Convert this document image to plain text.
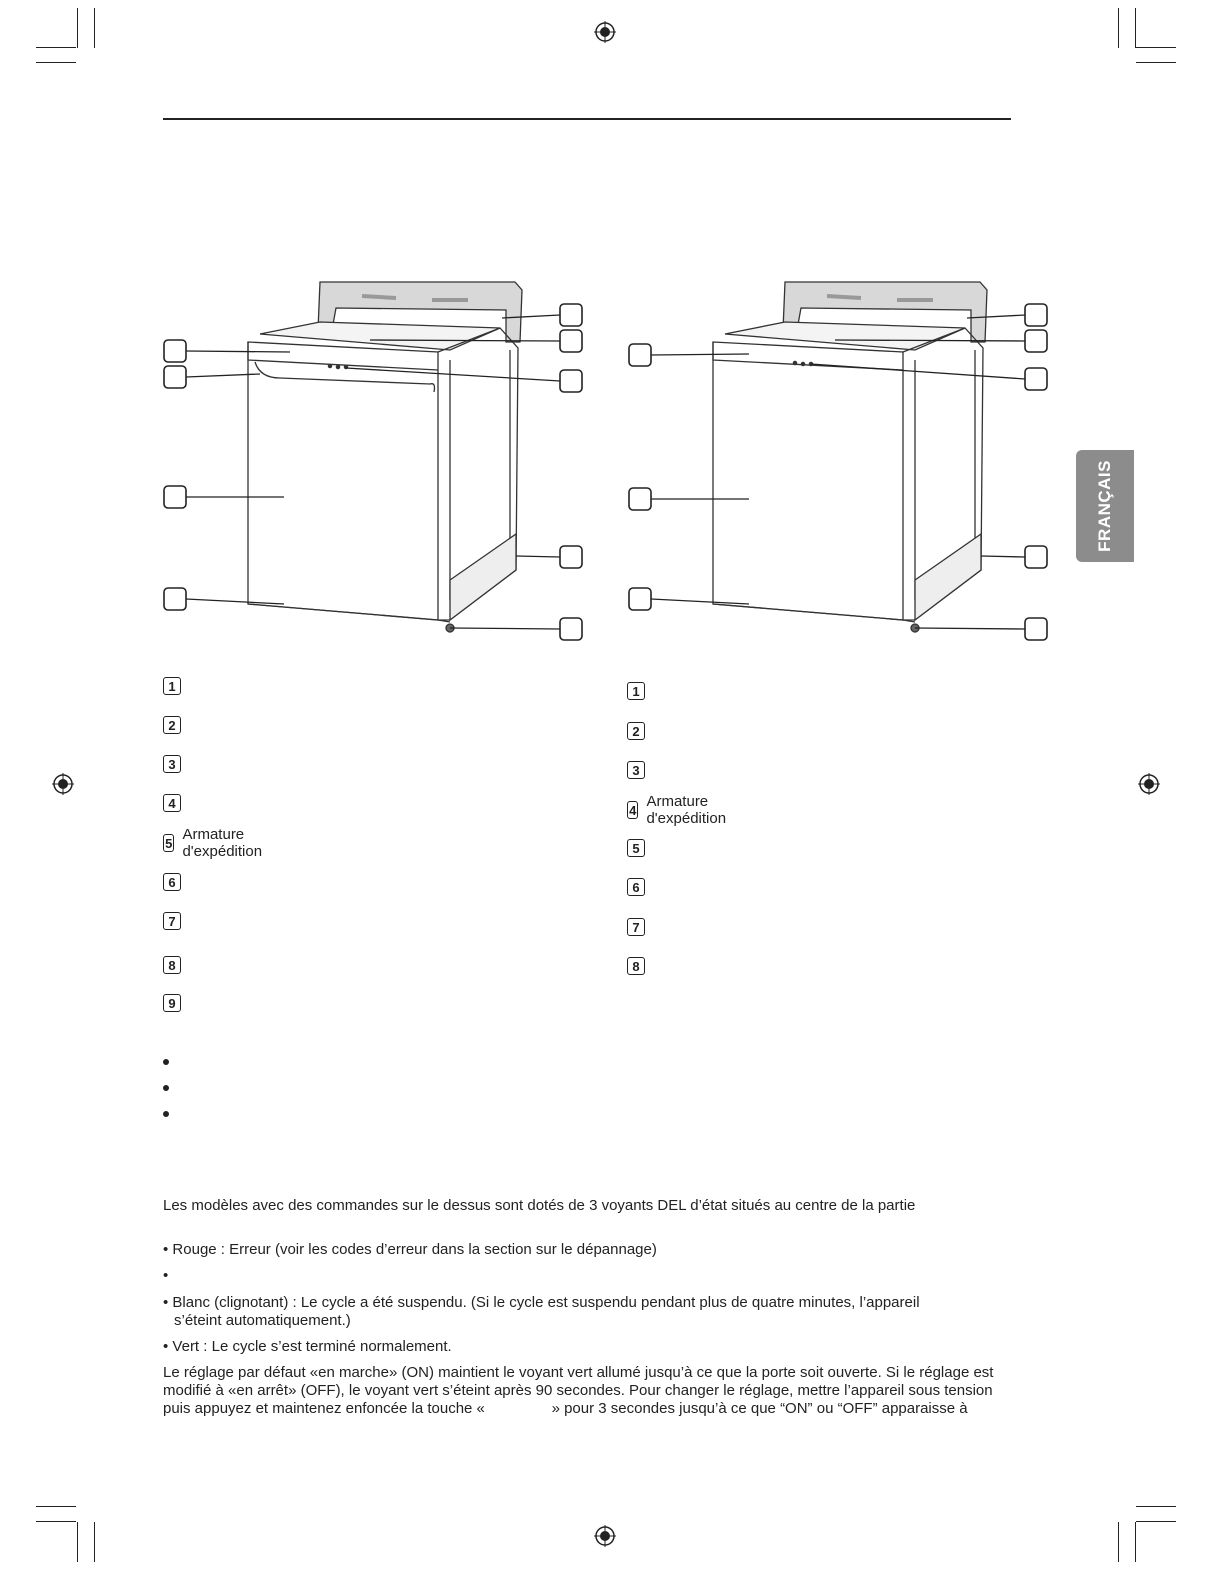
FRANÇAIS
1
2
3
4
5 Armature d'expédition
6
7
8
9
1
2
3
4 Armature d'expédition
5
6
7
8
Les modèles avec des commandes sur le dessus sont dotés de 3 voyants DEL d’état situés au centre de la partie
• Rouge : Erreur (voir les codes d’erreur dans la section sur le dépannage)
•
• Blanc (clignotant) : Le cycle a été suspendu. (Si le cycle est suspendu pendant plus de quatre minutes, l’appareil
s’éteint automatiquement.)
• Vert : Le cycle s’est terminé normalement.
Le réglage par défaut «en marche» (ON) maintient le voyant vert allumé jusqu’à ce que la porte soit ouverte. Si le réglage est
modifié à «en arrêt» (OFF), le voyant vert s’éteint après 90 secondes. Pour changer le réglage, mettre l’appareil sous tension
puis appuyez et maintenez enfoncée la touche «                » pour 3 secondes jusqu’à ce que “ON” ou “OFF” apparaisse à
